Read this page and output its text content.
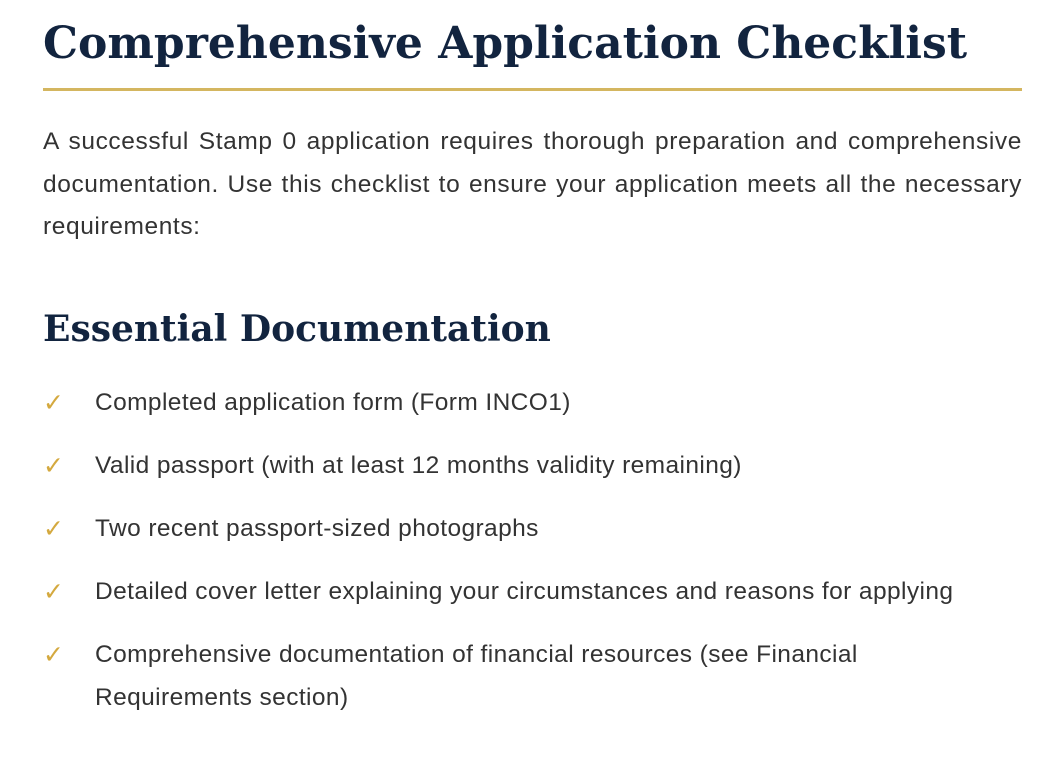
Comprehensive Application Checklist

A successful Stamp 0 application requires thorough preparation and comprehensive documentation. Use this checklist to ensure your application meets all the necessary requirements:

Essential Documentation
✓	Completed application form (Form INCO1)
✓	Valid passport (with at least 12 months validity remaining)
✓	Two recent passport-sized photographs
✓	Detailed cover letter explaining your circumstances and reasons for applying
✓	Comprehensive documentation of financial resources (see Financial Requirements section)
